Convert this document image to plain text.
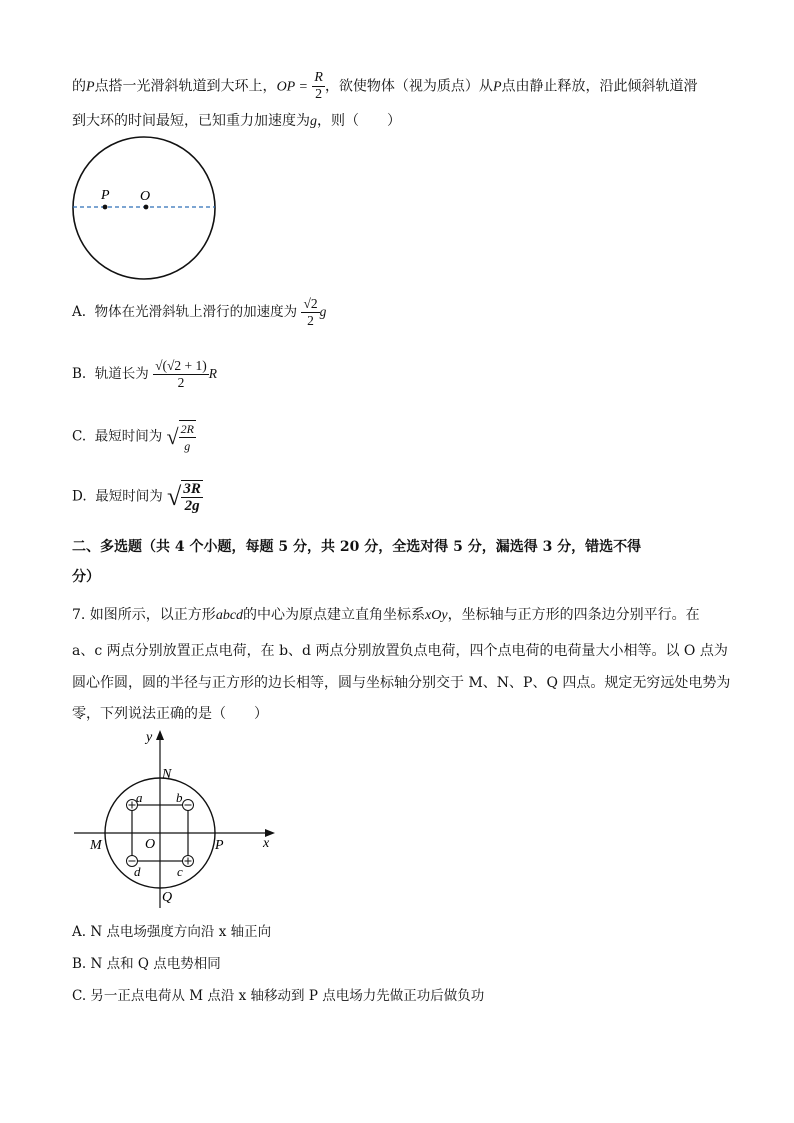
的P点搭一光滑斜轨道到大环上，OP = $\frac{R}{2}$ ，欲使物体（视为质点）从P点由静止释放，沿此倾斜轨道滑
到大环的时间最短，已知重力加速度为g，则（　　）
P O
A. 物体在光滑斜轨上滑行的加速度为 $\frac{√2}{2}$ g
B. 轨道长为 $\frac{√(√2 + 1)}{2}$ R
C. 最短时间为 √ $\frac{2R}{g}$
D. 最短时间为 √ $\frac{3R}{2g}$
二、多选题（共 4 个小题，每题 5 分，共 20 分，全选对得 5 分，漏选得 3 分，错选不得
分）
7. 如图所示，以正方形abcd的中心为原点建立直角坐标系xOy，坐标轴与正方形的四条边分别平行。在
a、c 两点分别放置正点电荷，在 b、d 两点分别放置负点电荷，四个点电荷的电荷量大小相等。以 O 点为
圆心作圆，圆的半径与正方形的边长相等，圆与坐标轴分别交于 M、N、P、Q 四点。规定无穷远处电势为
零，下列说法正确的是（　　）
y
x
N
M	O	P
Q
a	b
c
d
A. N 点电场强度方向沿 x 轴正向
B. N 点和 Q 点电势相同
C. 另一正点电荷从 M 点沿 x 轴移动到 P 点电场力先做正功后做负功
